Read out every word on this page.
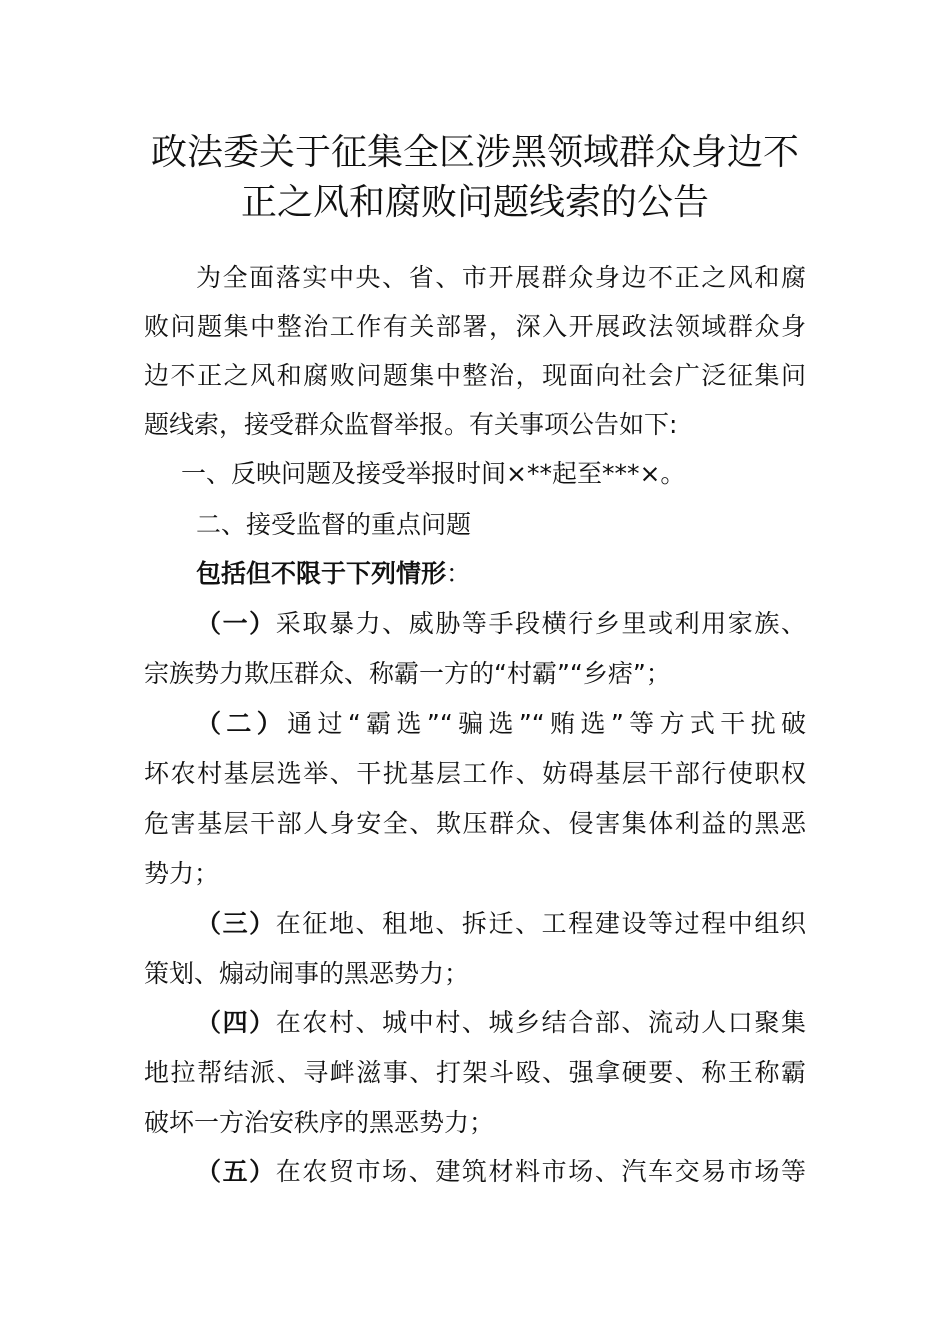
政法委关于征集全区涉黑领域群众身边不
正之风和腐败问题线索的公告

为全面落实中央、省、市开展群众身边不正之风和腐

败问题集中整治工作有关部署，深入开展政法领域群众身

边不正之风和腐败问题集中整治，现面向社会广泛征集问

题线索，接受群众监督举报。有关事项公告如下:

一、反映问题及接受举报时间×**起至***×。

二、接受监督的重点问题

包括但不限于下列情形：

（一）采取暴力、威胁等手段横行乡里或利用家族、

宗族势力欺压群众、称霸一方的“村霸”“乡痞”；

（二）通过“霸选”“骗选”“贿选”等方式干扰破

坏农村基层选举、干扰基层工作、妨碍基层干部行使职权

危害基层干部人身安全、欺压群众、侵害集体利益的黑恶

势力；

（三）在征地、租地、拆迁、工程建设等过程中组织

策划、煽动闹事的黑恶势力；

（四）在农村、城中村、城乡结合部、流动人口聚集

地拉帮结派、寻衅滋事、打架斗殴、强拿硬要、称王称霸

破坏一方治安秩序的黑恶势力；

（五）在农贸市场、建筑材料市场、汽车交易市场等
